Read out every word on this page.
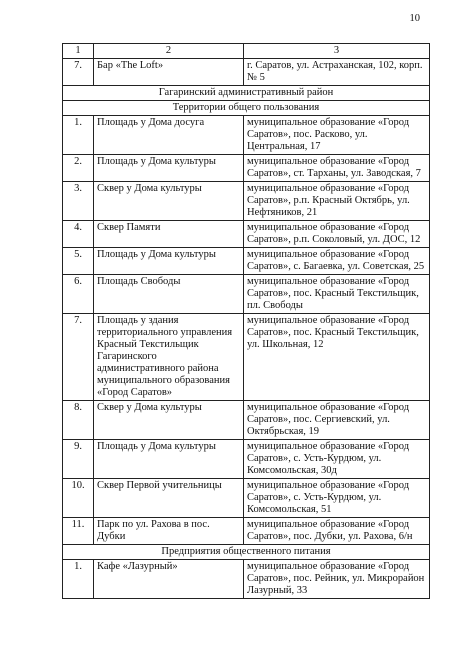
10
1	2	3
7.	Бар «The Loft»	г. Саратов, ул. Астраханская, 102, корп. № 5
Гагаринский административный район		
Территории общего пользования		
1.	Площадь у Дома досуга	муниципальное образование «Город Саратов», пос. Расково, ул. Центральная, 17
2.	Площадь у Дома культуры	муниципальное образование «Город Саратов», ст. Тарханы, ул. Заводская, 7
3.	Сквер у Дома культуры	муниципальное образование «Город Саратов», р.п. Красный Октябрь, ул. Нефтяников, 21
4.	Сквер Памяти	муниципальное образование «Город Саратов», р.п. Соколовый, ул. ДОС, 12
5.	Площадь у Дома культуры	муниципальное образование «Город Саратов», с. Багаевка, ул. Советская, 25
6.	Площадь Свободы	муниципальное образование «Город Саратов», пос. Красный Текстильщик, пл. Свободы
7.	Площадь у здания территориального управления Красный Текстильщик Гагаринского административного района муниципального образования «Город Саратов»	муниципальное образование «Город Саратов», пос. Красный Текстильщик, ул. Школьная, 12
8.	Сквер у Дома культуры	муниципальное образование «Город Саратов», пос. Сергиевский, ул. Октябрьская, 19
9.	Площадь у Дома культуры	муниципальное образование «Город Саратов», с. Усть-Курдюм, ул. Комсомольская, 30д
10.	Сквер Первой учительницы	муниципальное образование «Город Саратов», с. Усть-Курдюм, ул. Комсомольская, 51
11.	Парк по ул. Рахова в пос. Дубки	муниципальное образование «Город Саратов», пос. Дубки, ул. Рахова, 6/н
Предприятия общественного питания		
1.	Кафе «Лазурный»	муниципальное образование «Город Саратов», пос. Рейник, ул. Микрорайон Лазурный, 33
